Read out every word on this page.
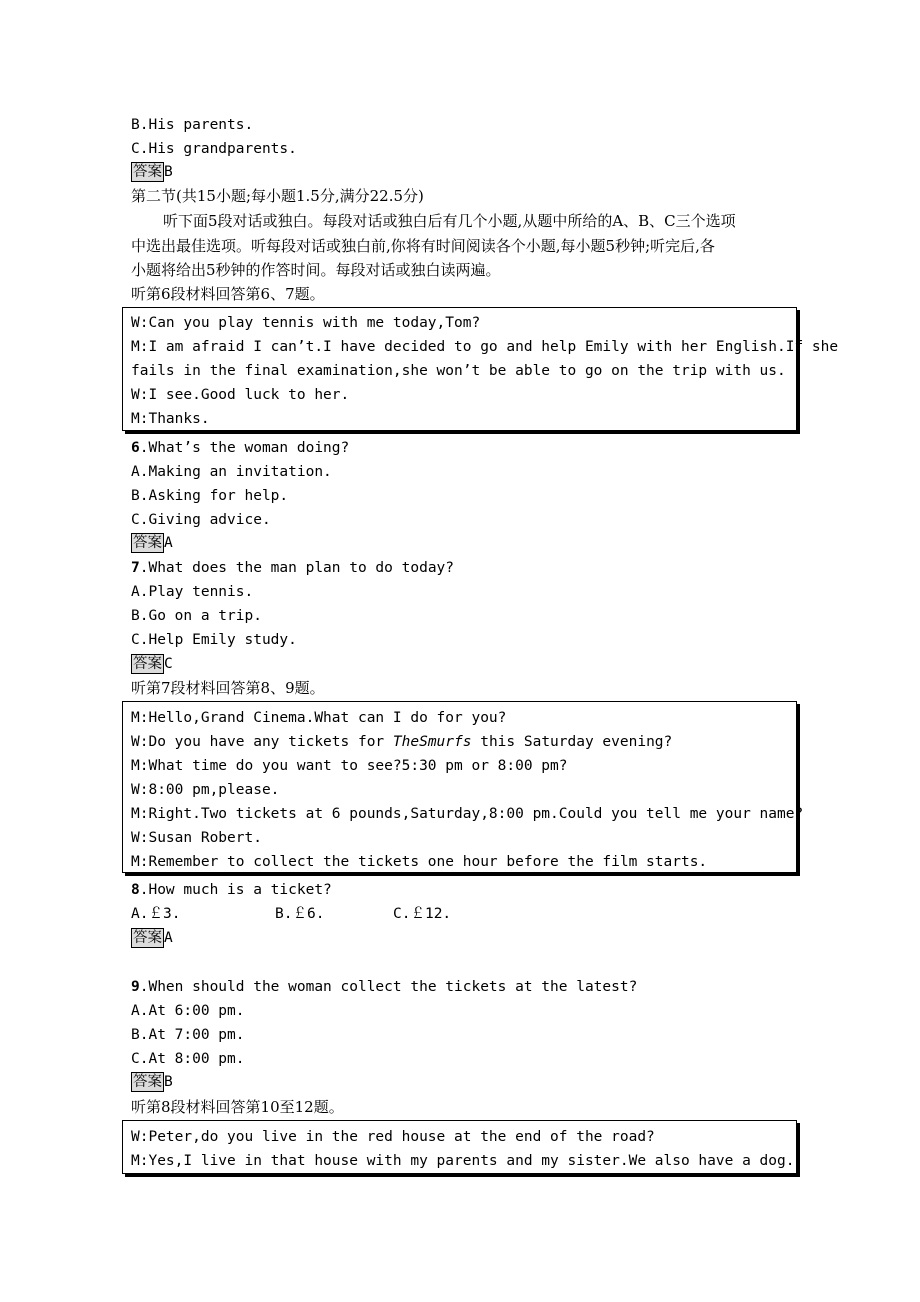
B.His parents.
C.His grandparents.
答案 B
第二节(共15小题;每小题1.5分,满分22.5分)
听下面5段对话或独白。每段对话或独白后有几个小题,从题中所给的A、B、C三个选项
中选出最佳选项。听每段对话或独白前,你将有时间阅读各个小题,每小题5秒钟;听完后,各
小题将给出5秒钟的作答时间。每段对话或独白读两遍。
听第6段材料回答第6、7题。
W:Can you play tennis with me today,Tom?
M:I am afraid I can’t.I have decided to go and help Emily with her English.If she
fails in the final examination,she won’t be able to go on the trip with us.
W:I see.Good luck to her.
M:Thanks.
6.What’s the woman doing?
A.Making an invitation.
B.Asking for help.
C.Giving advice.
答案 A
7.What does the man plan to do today?
A.Play tennis.
B.Go on a trip.
C.Help Emily study.
答案 C
听第7段材料回答第8、9题。
M:Hello,Grand Cinema.What can I do for you?
W:Do you have any tickets for TheSmurfs this Saturday evening?
M:What time do you want to see?5:30 pm or 8:00 pm?
W:8:00 pm,please.
M:Right.Two tickets at 6 pounds,Saturday,8:00 pm.Could you tell me your name?
W:Susan Robert.
M:Remember to collect the tickets one hour before the film starts.
8.How much is a ticket?
A.￡3.	B.￡6.	C.￡12.
答案 A
9.When should the woman collect the tickets at the latest?
A.At 6:00 pm.
B.At 7:00 pm.
C.At 8:00 pm.
答案 B
听第8段材料回答第10至12题。
W:Peter,do you live in the red house at the end of the road?
M:Yes,I live in that house with my parents and my sister.We also have a dog.
